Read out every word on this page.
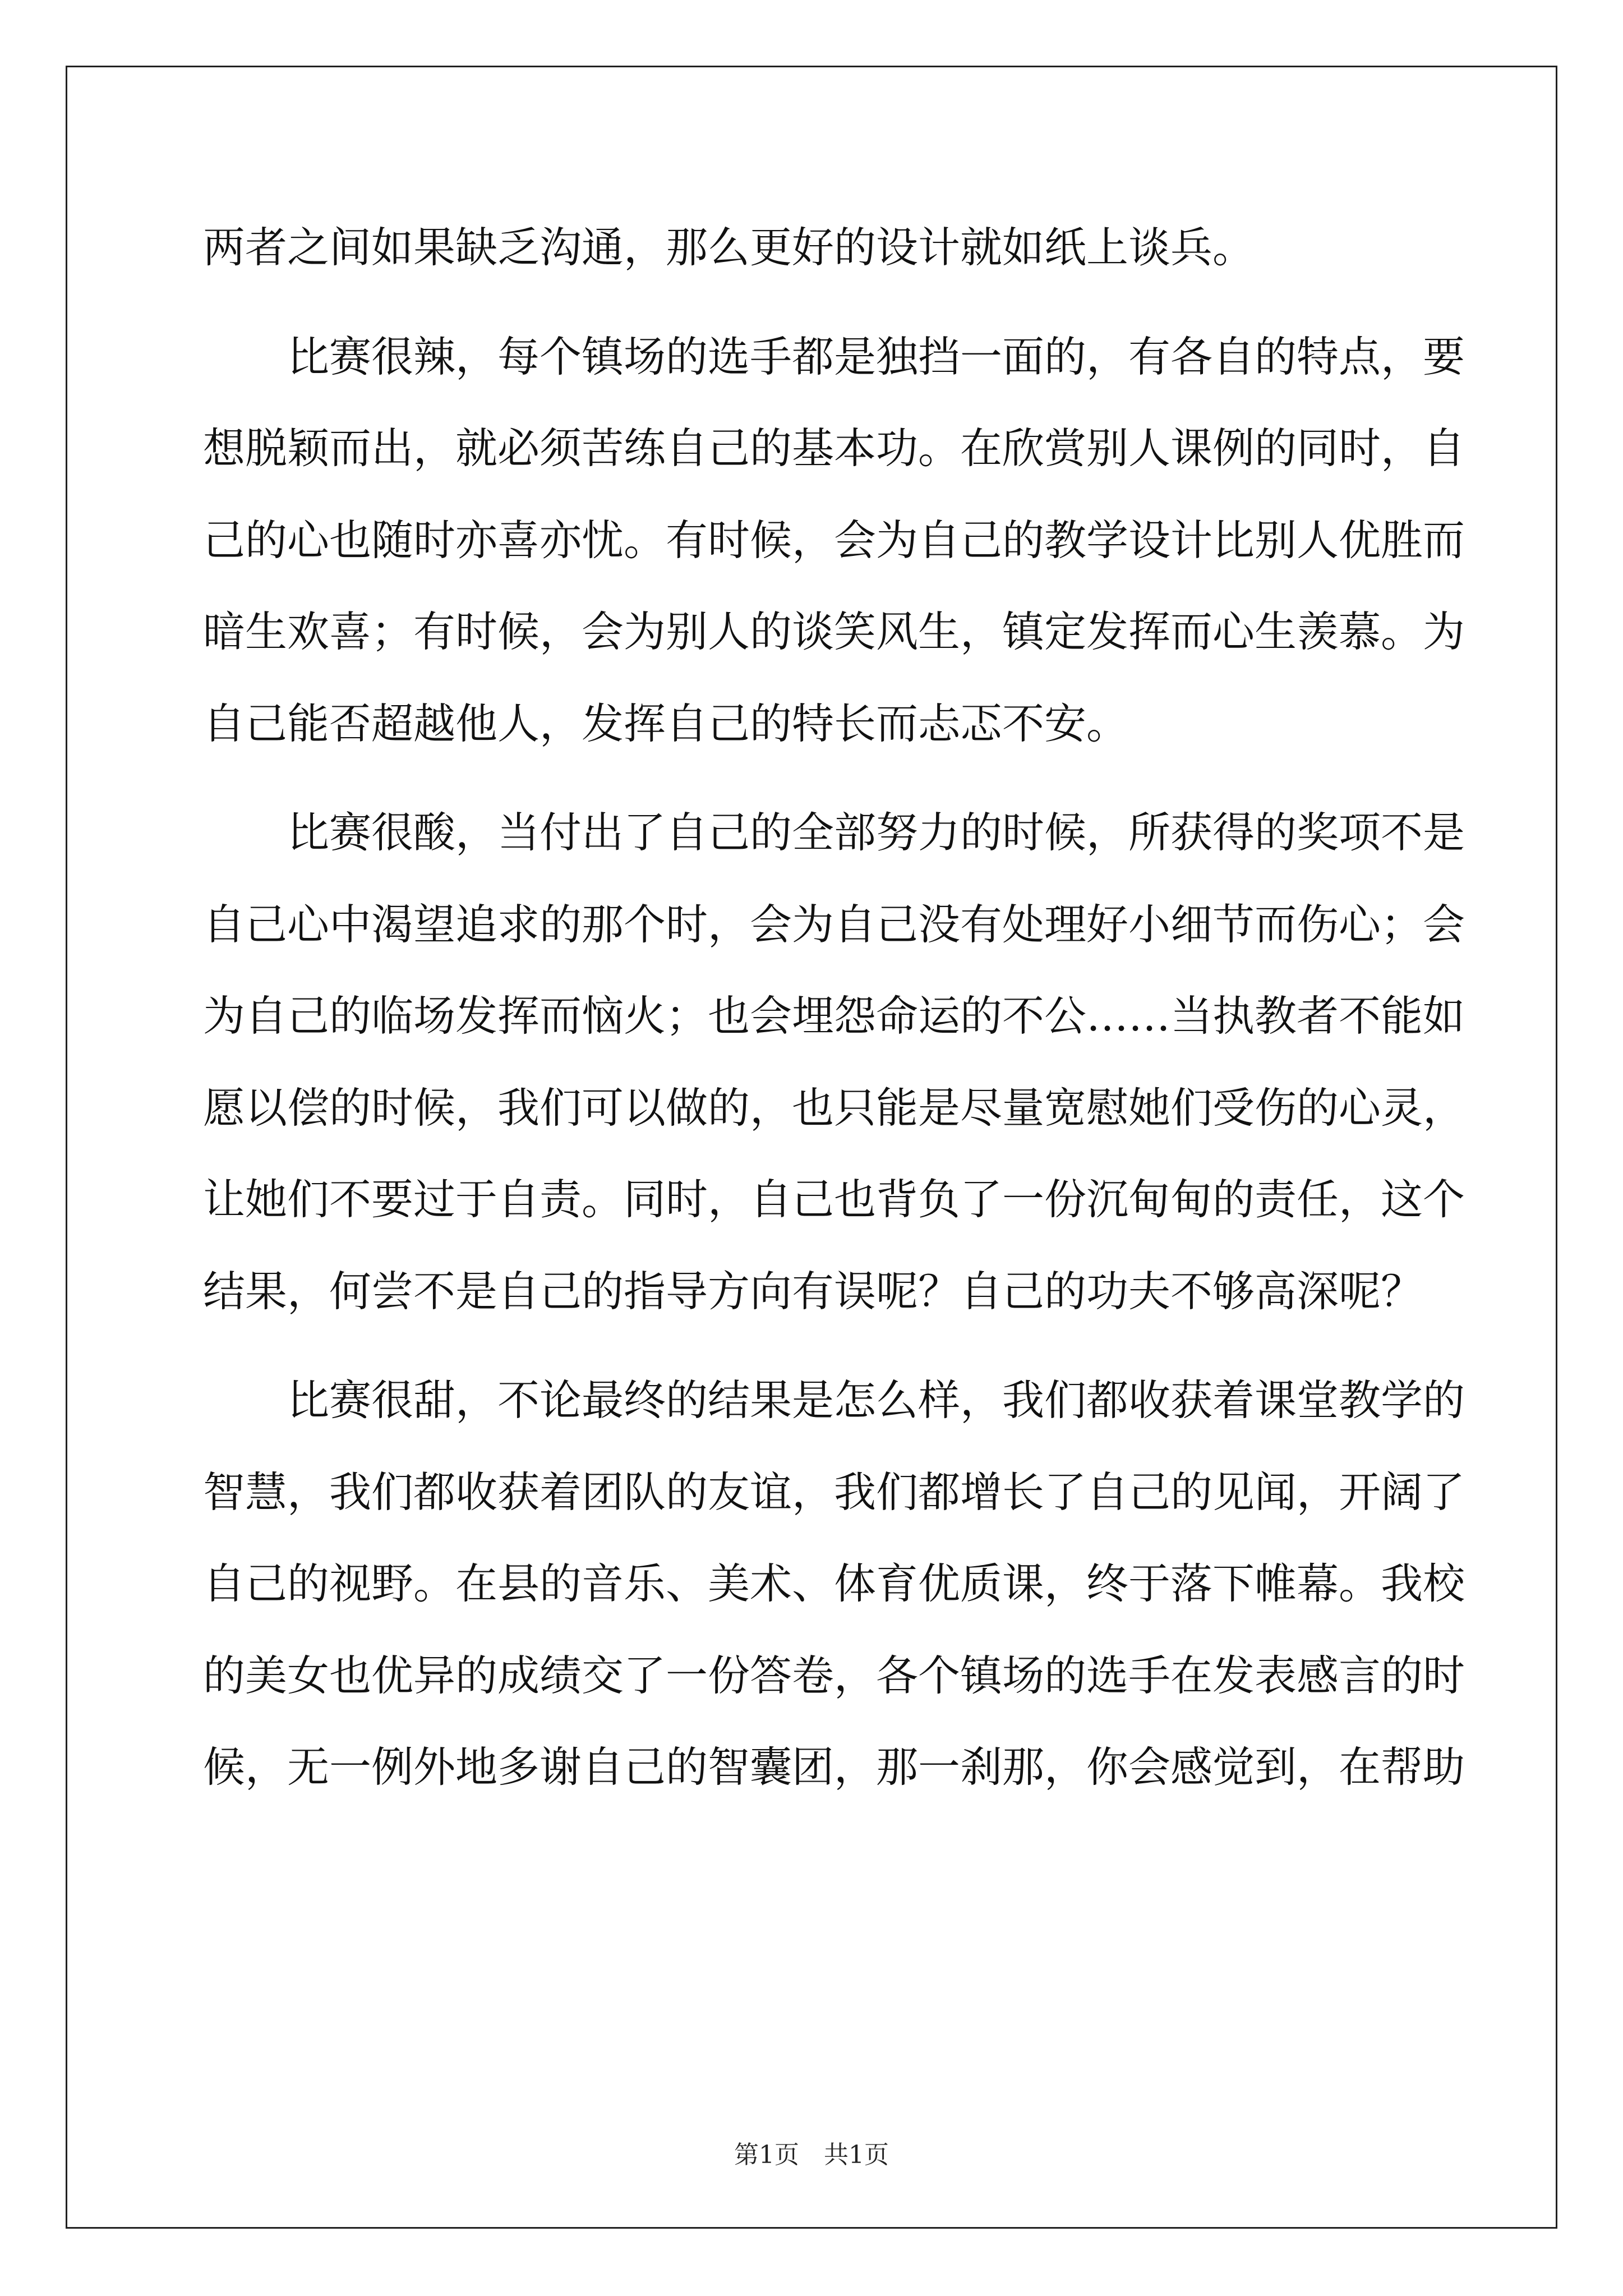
两者之间如果缺乏沟通，那么更好的设计就如纸上谈兵。
比赛很辣，每个镇场的选手都是独挡一面的，有各自的特点，要
想脱颖而出，就必须苦练自己的基本功。在欣赏别人课例的同时，自
己的心也随时亦喜亦忧。有时候，会为自己的教学设计比别人优胜而
暗生欢喜；有时候，会为别人的谈笑风生，镇定发挥而心生羡慕。为
自己能否超越他人，发挥自己的特长而忐忑不安。
比赛很酸，当付出了自己的全部努力的时候，所获得的奖项不是
自己心中渴望追求的那个时，会为自己没有处理好小细节而伤心；会
为自己的临场发挥而恼火；也会埋怨命运的不公……当执教者不能如
愿以偿的时候，我们可以做的，也只能是尽量宽慰她们受伤的心灵，
让她们不要过于自责。同时，自己也背负了一份沉甸甸的责任，这个
结果，何尝不是自己的指导方向有误呢？自己的功夫不够高深呢？
比赛很甜，不论最终的结果是怎么样，我们都收获着课堂教学的
智慧，我们都收获着团队的友谊，我们都增长了自己的见闻，开阔了
自己的视野。在县的音乐、美术、体育优质课，终于落下帷幕。我校
的美女也优异的成绩交了一份答卷，各个镇场的选手在发表感言的时
候，无一例外地多谢自己的智囊团，那一刹那，你会感觉到，在帮助
第1页　共1页
